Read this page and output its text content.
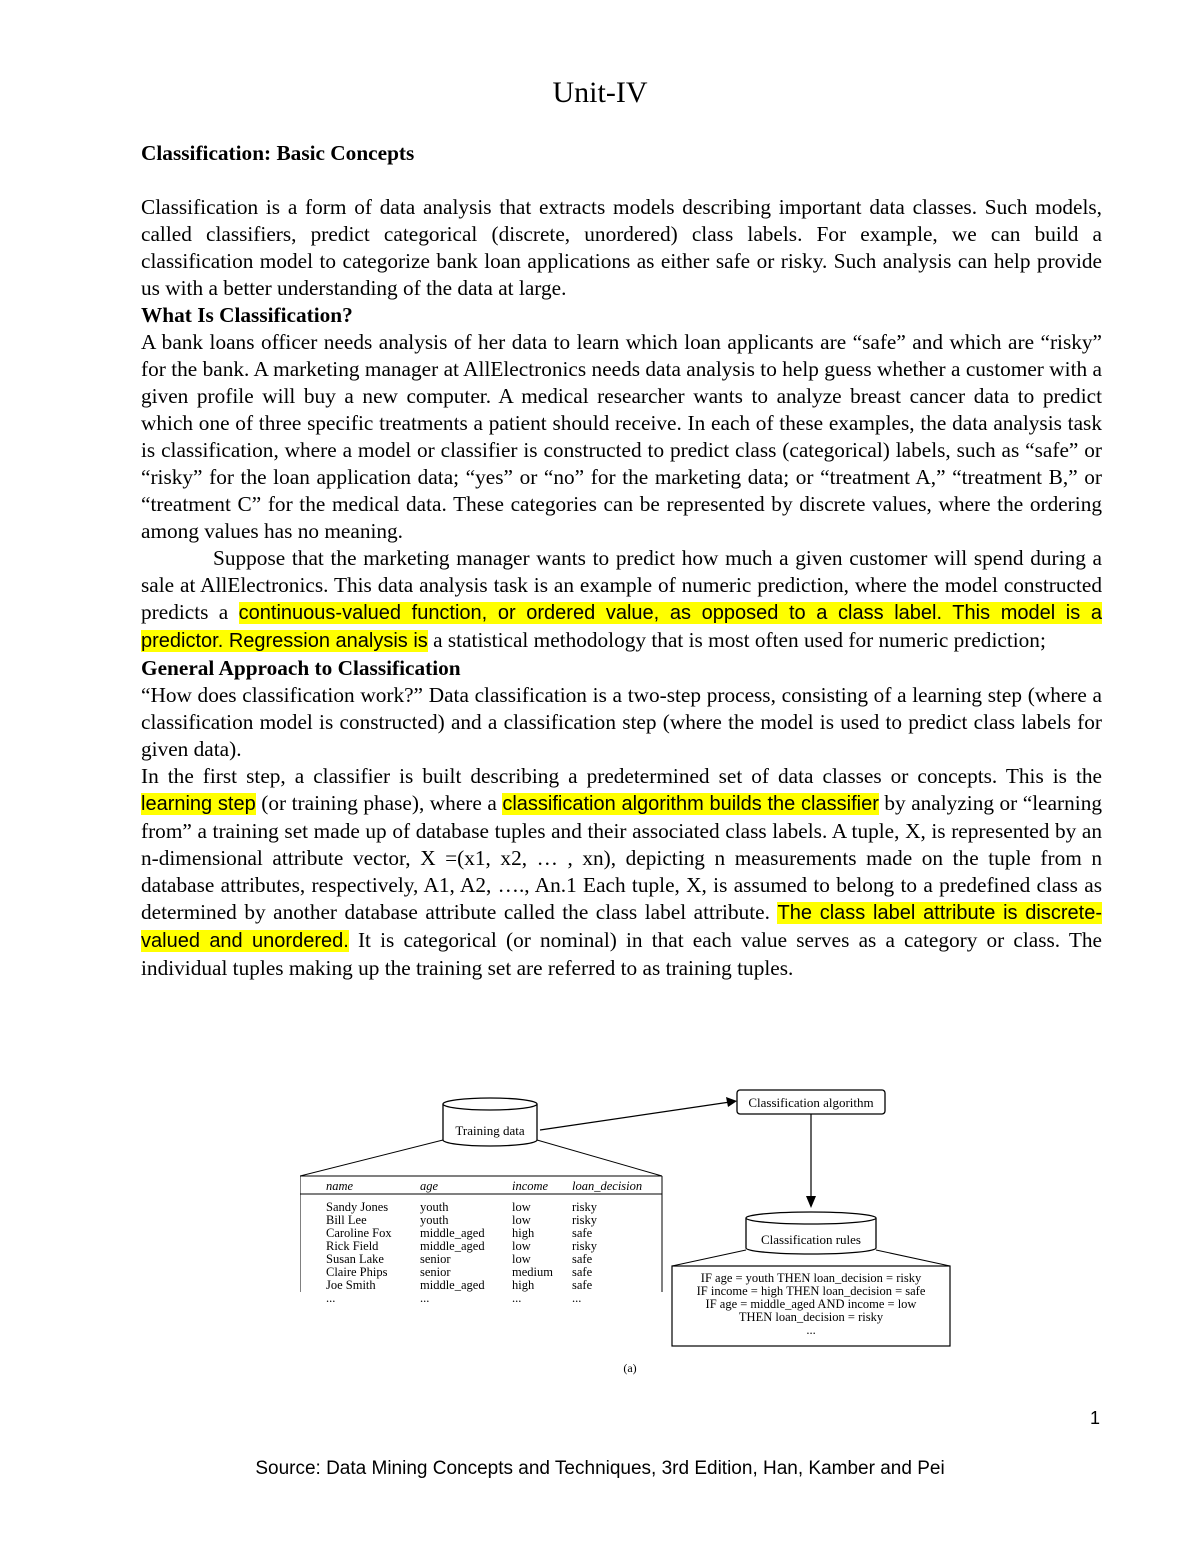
Unit-IV
Classification: Basic Concepts

Classification is a form of data analysis that extracts models describing important data classes. Such models, called classifiers, predict categorical (discrete, unordered) class labels. For example, we can build a classification model to categorize bank loan applications as either safe or risky. Such analysis can help provide us with a better understanding of the data at large.

What Is Classification?

A bank loans officer needs analysis of her data to learn which loan applicants are “safe” and which are “risky” for the bank. A marketing manager at AllElectronics needs data analysis to help guess whether a customer with a given profile will buy a new computer. A medical researcher wants to analyze breast cancer data to predict which one of three specific treatments a patient should receive. In each of these examples, the data analysis task is classification, where a model or classifier is constructed to predict class (categorical) labels, such as “safe” or “risky” for the loan application data; “yes” or “no” for the marketing data; or “treatment A,” “treatment B,” or “treatment C” for the medical data. These categories can be represented by discrete values, where the ordering among values has no meaning.

Suppose that the marketing manager wants to predict how much a given customer will spend during a sale at AllElectronics. This data analysis task is an example of numeric prediction, where the model constructed predicts a continuous-valued function, or ordered value, as opposed to a class label. This model is a predictor. Regression analysis is a statistical methodology that is most often used for numeric prediction;

General Approach to Classification

“How does classification work?” Data classification is a two-step process, consisting of a learning step (where a classification model is constructed) and a classification step (where the model is used to predict class labels for given data).

In the first step, a classifier is built describing a predetermined set of data classes or concepts. This is the learning step (or training phase), where a classification algorithm builds the classifier by analyzing or “learning from” a training set made up of database tuples and their associated class labels. A tuple, X, is represented by an n-dimensional attribute vector, X =(x1, x2, … , xn), depicting n measurements made on the tuple from n database attributes, respectively, A1, A2, …., An.1 Each tuple, X, is assumed to belong to a predefined class as determined by another database attribute called the class label attribute. The class label attribute is discrete-valued and unordered. It is categorical (or nominal) in that each value serves as a category or class. The individual tuples making up the training set are referred to as training tuples.

Training data
Classification algorithm
Classification rules
name	age	income loan_decision
Sandy Jones	youth	low	risky
Bill Lee	youth	low	risky
Caroline Fox middle_aged high	safe
Rick Field	middle_aged low	risky
Susan Lake	senior	low	safe
Claire Phips	senior	medium safe
Joe Smith	middle_aged high	safe
...	...	...	...
IF age = youth THEN loan_decision = risky
IF income = high THEN loan_decision = safe
IF age = middle_aged AND income = low
THEN loan_decision = risky
...
(a)
1
Source: Data Mining Concepts and Techniques, 3rd Edition, Han, Kamber and Pei
